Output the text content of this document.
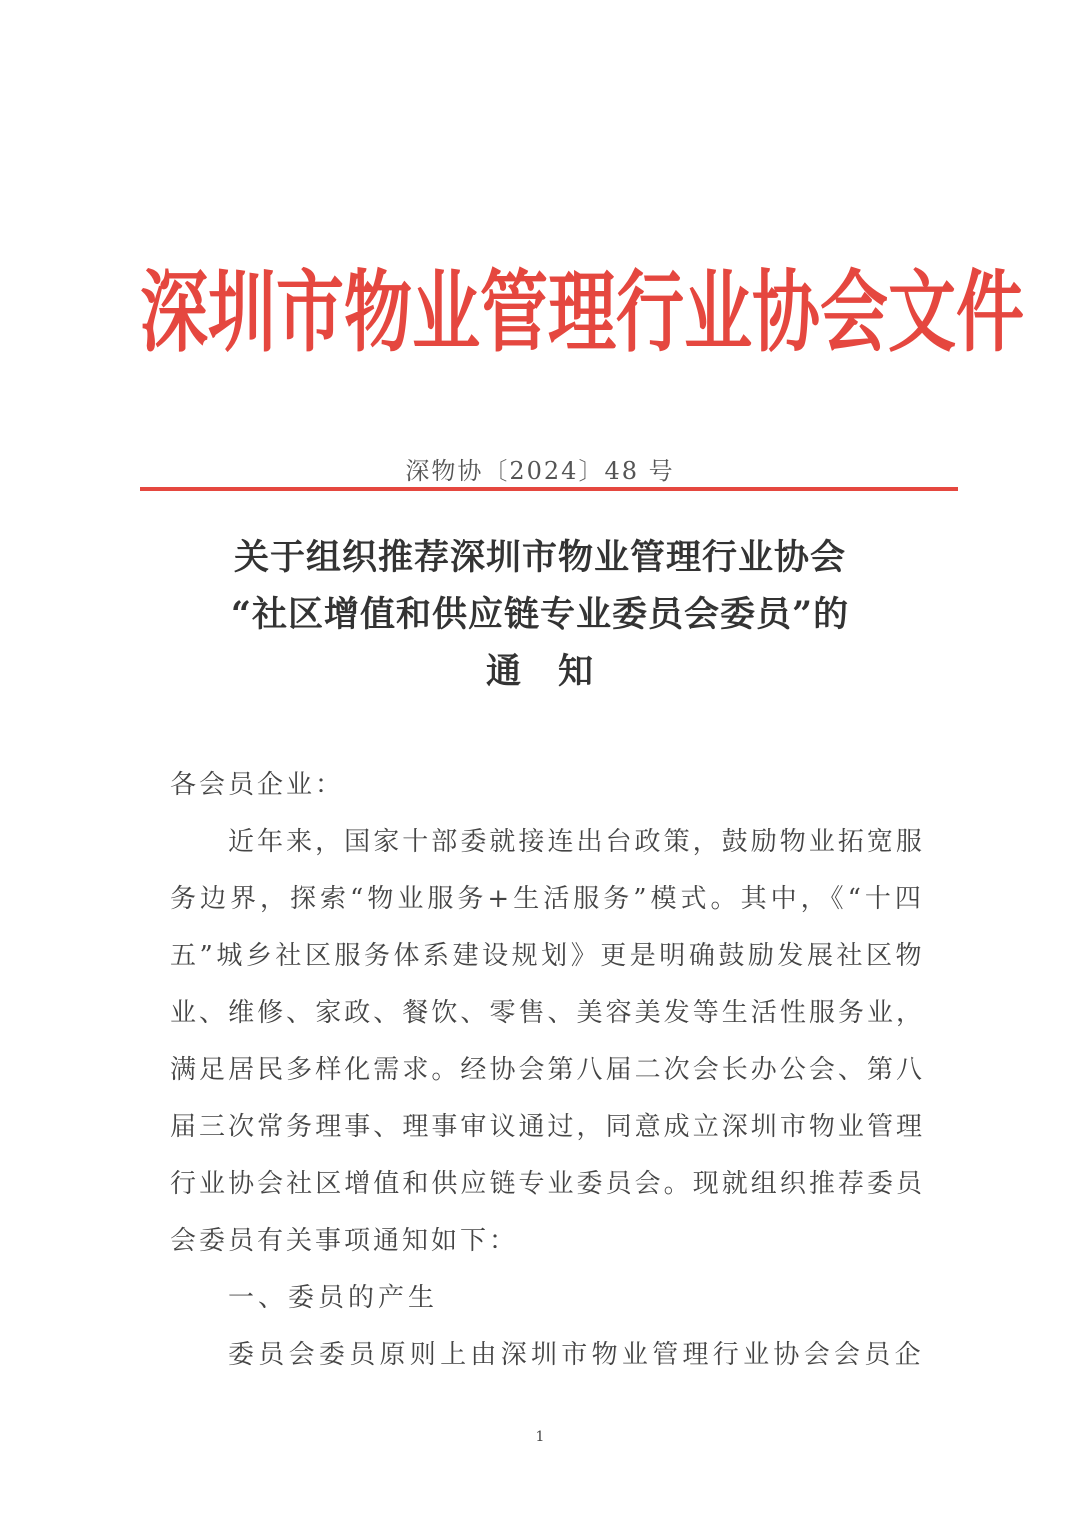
深圳市物业管理行业协会文件
深物协〔2024〕48 号
关于组织推荐深圳市物业管理行业协会
“社区增值和供应链专业委员会委员”的
通　知
各会员企业：
近年来，国家十部委就接连出台政策，鼓励物业拓宽服
务边界，探索“物业服务+生活服务”模式。其中，《“十四
五”城乡社区服务体系建设规划》更是明确鼓励发展社区物
业、维修、家政、餐饮、零售、美容美发等生活性服务业，
满足居民多样化需求。经协会第八届二次会长办公会、第八
届三次常务理事、理事审议通过，同意成立深圳市物业管理
行业协会社区增值和供应链专业委员会。现就组织推荐委员
会委员有关事项通知如下：
一、委员的产生
委员会委员原则上由深圳市物业管理行业协会会员企
1
